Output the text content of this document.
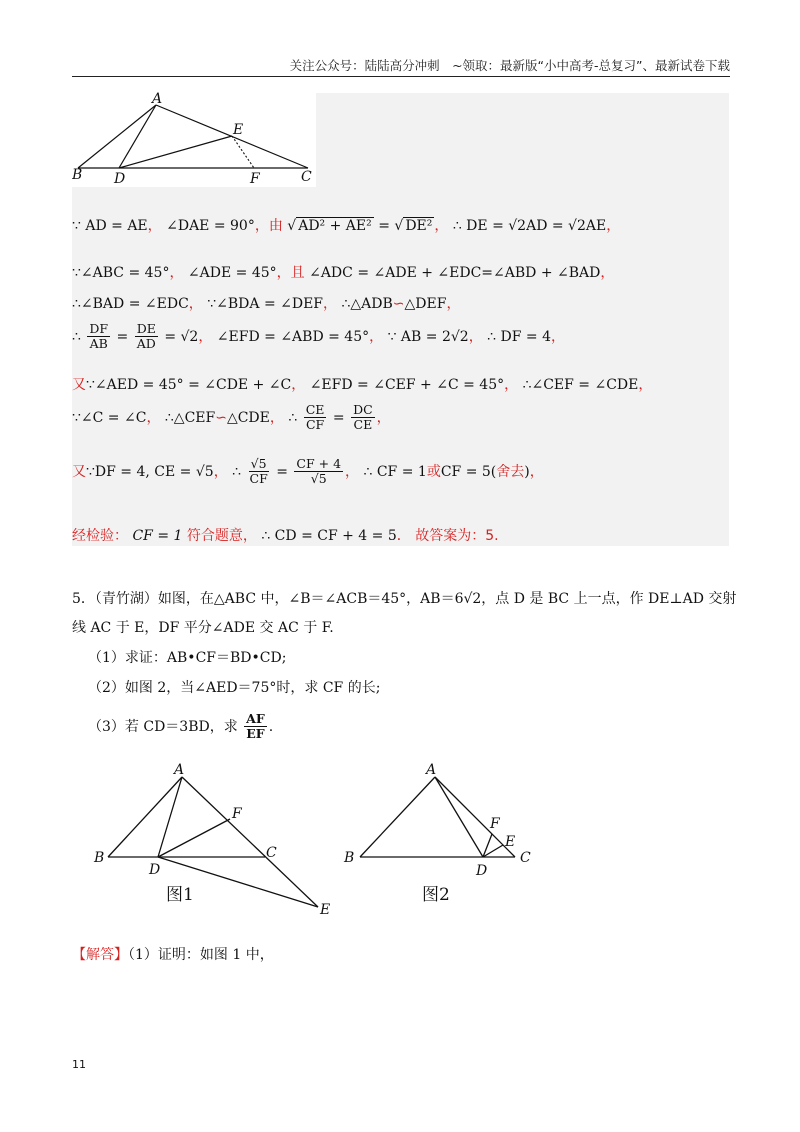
关注公众号：陆陆高分冲刺　~领取：最新版“小中高考-总复习”、最新试卷下载
A
E
B D	F	C
∵ AD = AE， ∠DAE = 90°，由 √ AD² + AE² = √ DE² ， ∴ DE = √2AD = √2AE，
∵∠ABC = 45°， ∠ADE = 45°，且 ∠ADC = ∠ADE + ∠EDC=∠ABD + ∠BAD，
∴∠BAD = ∠EDC， ∵∠BDA = ∠DEF， ∴△ADB∽△DEF，
∴ $\frac{DF}{AB} = \frac{DE}{AD} = √2$， ∠EFD = ∠ABD = 45°， ∵ AB = 2√2， ∴ DF = 4，
又∵∠AED = 45° = ∠CDE + ∠C， ∠EFD = ∠CEF + ∠C = 45°， ∴∠CEF = ∠CDE，
∵∠C = ∠C， ∴△CEF∽△CDE， ∴ $\frac{CE}{CF} = \frac{DC}{CE}$ ，
又∵DF = 4, CE = √5， ∴ $\frac{√5}{CF} = \frac{CF + 4}{√5}$ ， ∴ CF = 1或CF = 5(舍去)，
经检验： CF = 1 符合题意， ∴ CD = CF + 4 = 5． 故答案为：5.
5．（青竹湖）如图，在△ABC 中，∠B＝∠ACB＝45°，AB＝6√2，点 D 是 BC 上一点，作 DE⊥AD 交射
线 AC 于 E，DF 平分∠ADE 交 AC 于 F.
（1）求证：AB•CF＝BD•CD;
（2）如图 2，当∠AED＝75°时，求 CF 的长;
（3）若 CD＝3BD，求 $\frac{AF}{EF}$ .
A
B	C
D
F
E
图1
A
B	C
D
F
E
图2
【解答】（1）证明：如图 1 中，
11
